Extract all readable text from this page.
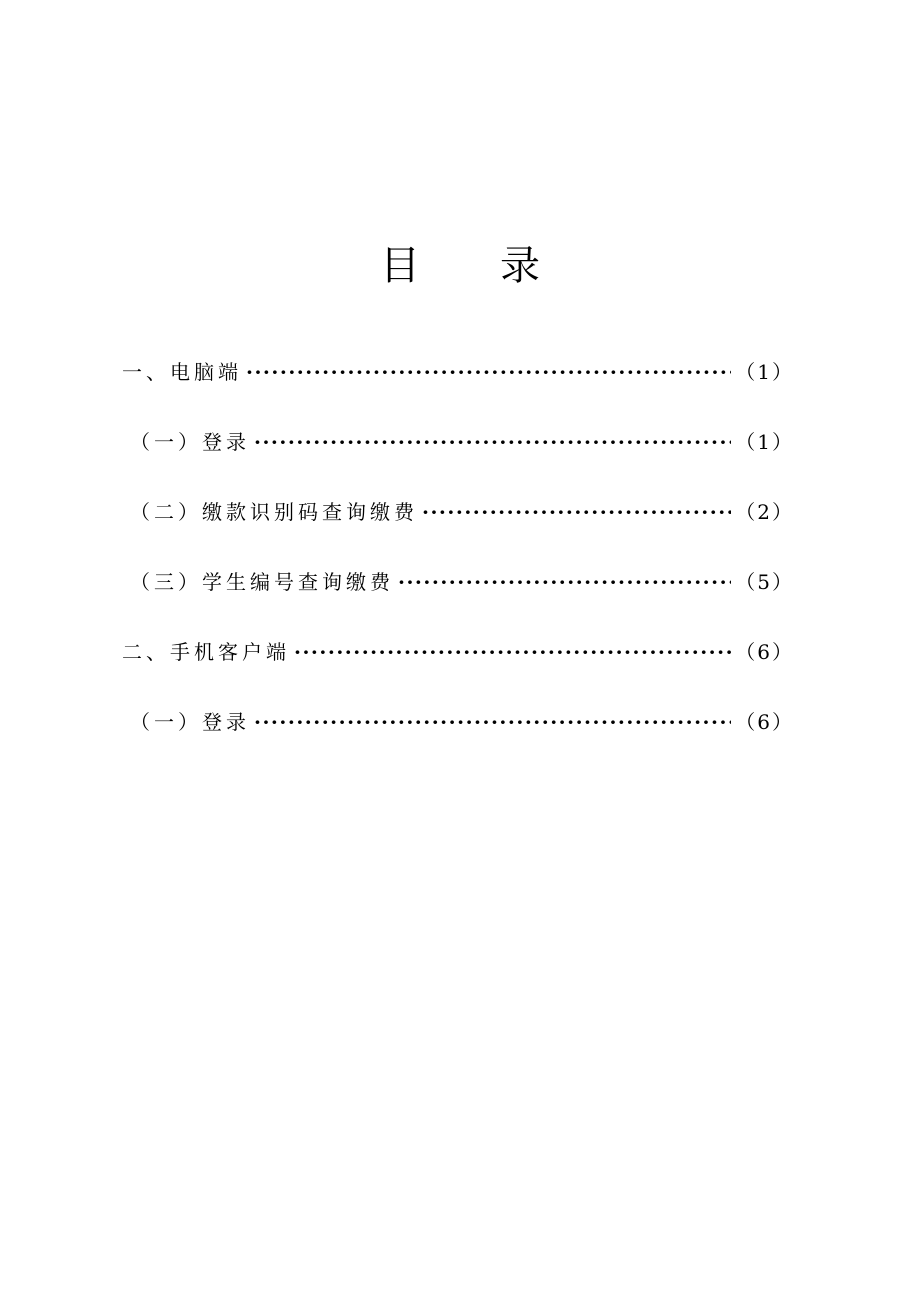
目 录
一、电脑端 ·····	（1）
（一）登录 ·····	（1）
（二）缴款识别码查询缴费 ·····	（2）
（三）学生编号查询缴费 ·····	（5）
二、手机客户端 ·····	（6）
（一）登录 ·····	（6）
